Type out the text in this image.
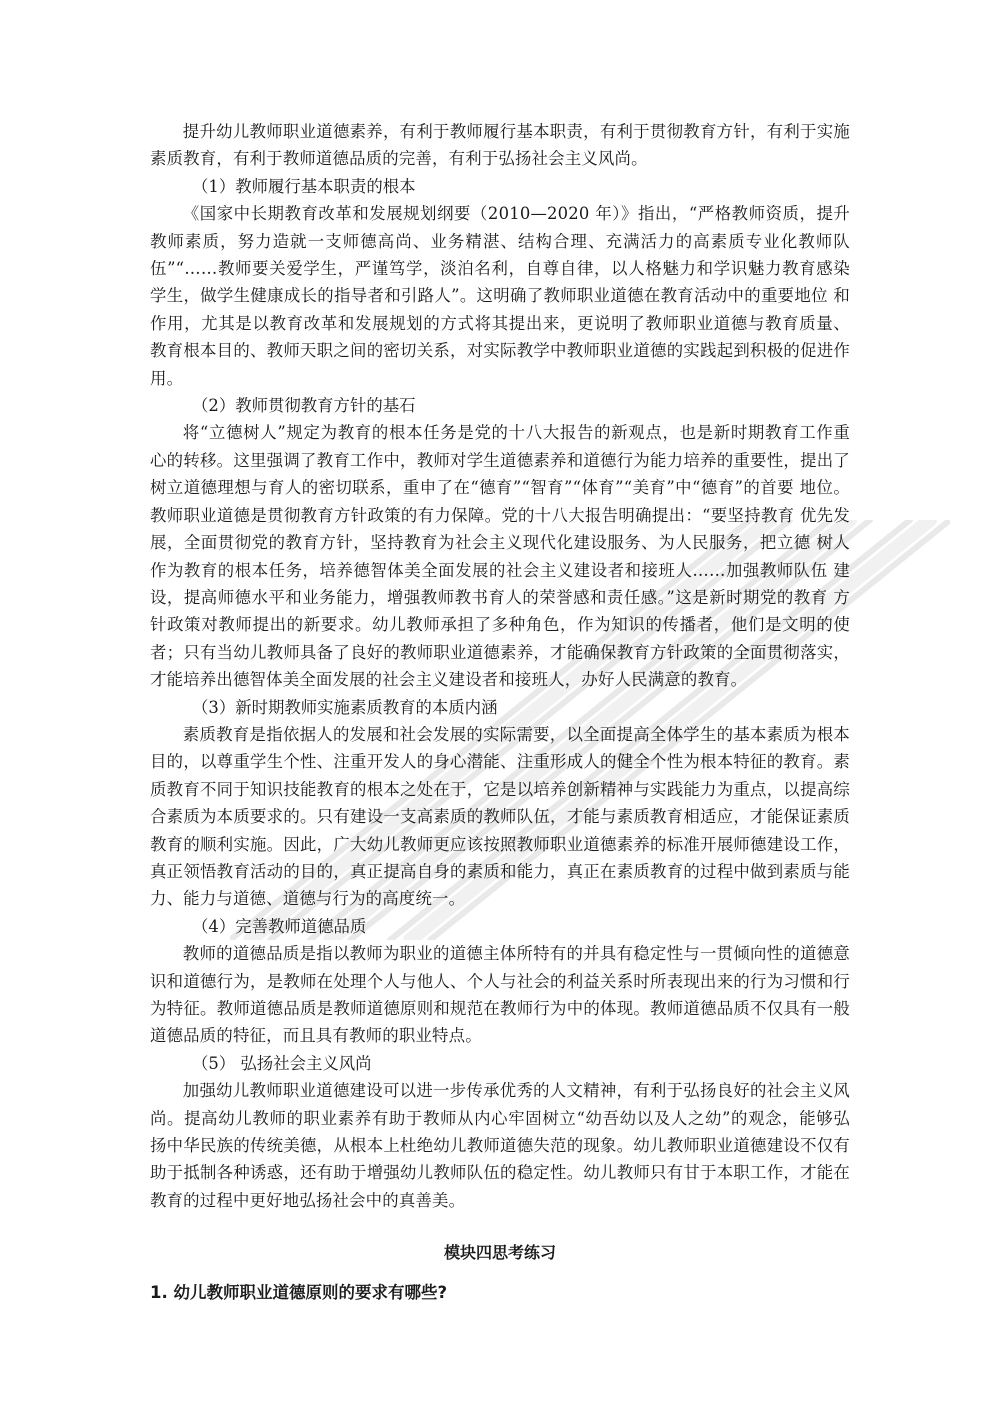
提升幼儿教师职业道德素养，有利于教师履行基本职责，有利于贯彻教育方针，有利于实施 素质教育，有利于教师道德品质的完善，有利于弘扬社会主义风尚。

（1）教师履行基本职责的根本

《国家中长期教育改革和发展规划纲要（2010—2020 年）》指出，“严格教师资质，提升 教师素质，努力造就一支师德高尚、业务精湛、结构合理、充满活力的高素质专业化教师队 伍”“……教师要关爱学生，严谨笃学，淡泊名利，自尊自律，以人格魅力和学识魅力教育感染 学生，做学生健康成长的指导者和引路人”。这明确了教师职业道德在教育活动中的重要地位 和作用，尤其是以教育改革和发展规划的方式将其提出来，更说明了教师职业道德与教育质量、 教育根本目的、教师天职之间的密切关系，对实际教学中教师职业道德的实践起到积极的促进作用。

（2）教师贯彻教育方针的基石

将“立德树人”规定为教育的根本任务是党的十八大报告的新观点，也是新时期教育工作重 心的转移。这里强调了教育工作中，教师对学生道德素养和道德行为能力培养的重要性，提出了树立道德理想与育人的密切联系，重申了在“德育”“智育”“体育”“美育”中“德育”的首要 地位。教师职业道德是贯彻教育方针政策的有力保障。党的十八大报告明确提出：“要坚持教育 优先发展，全面贯彻党的教育方针，坚持教育为社会主义现代化建设服务、为人民服务，把立德 树人作为教育的根本任务，培养德智体美全面发展的社会主义建设者和接班人……加强教师队伍 建设，提高师德水平和业务能力，增强教师教书育人的荣誉感和责任感。”这是新时期党的教育 方针政策对教师提出的新要求。幼儿教师承担了多种角色，作为知识的传播者，他们是文明的使者；只有当幼儿教师具备了良好的教师职业道德素养，才能确保教育方针政策的全面贯彻落实，才能培养出德智体美全面发展的社会主义建设者和接班人，办好人民满意的教育。

（3）新时期教师实施素质教育的本质内涵

素质教育是指依据人的发展和社会发展的实际需要，以全面提高全体学生的基本素质为根本目的，以尊重学生个性、注重开发人的身心潜能、注重形成人的健全个性为根本特征的教育。素质教育不同于知识技能教育的根本之处在于，它是以培养创新精神与实践能力为重点，以提高综合素质为本质要求的。只有建设一支高素质的教师队伍，才能与素质教育相适应，才能保证素质 教育的顺利实施。因此，广大幼儿教师更应该按照教师职业道德素养的标准开展师德建设工作， 真正领悟教育活动的目的，真正提高自身的素质和能力，真正在素质教育的过程中做到素质与能 力、能力与道德、道德与行为的高度统一。

（4）完善教师道德品质

教师的道德品质是指以教师为职业的道德主体所特有的并具有稳定性与一贯倾向性的道德意识和道德行为，是教师在处理个人与他人、个人与社会的利益关系时所表现出来的行为习惯和行 为特征。教师道德品质是教师道德原则和规范在教师行为中的体现。教师道德品质不仅具有一般道德品质的特征，而且具有教师的职业特点。

（5） 弘扬社会主义风尚

加强幼儿教师职业道德建设可以进一步传承优秀的人文精神，有利于弘扬良好的社会主义风尚。提高幼儿教师的职业素养有助于教师从内心牢固树立“幼吾幼以及人之幼”的观念，能够弘 扬中华民族的传统美德，从根本上杜绝幼儿教师道德失范的现象。幼儿教师职业道德建设不仅有 助于抵制各种诱惑，还有助于增强幼儿教师队伍的稳定性。幼儿教师只有甘于本职工作，才能在教育的过程中更好地弘扬社会中的真善美。

模块四思考练习

1. 幼儿教师职业道德原则的要求有哪些?
